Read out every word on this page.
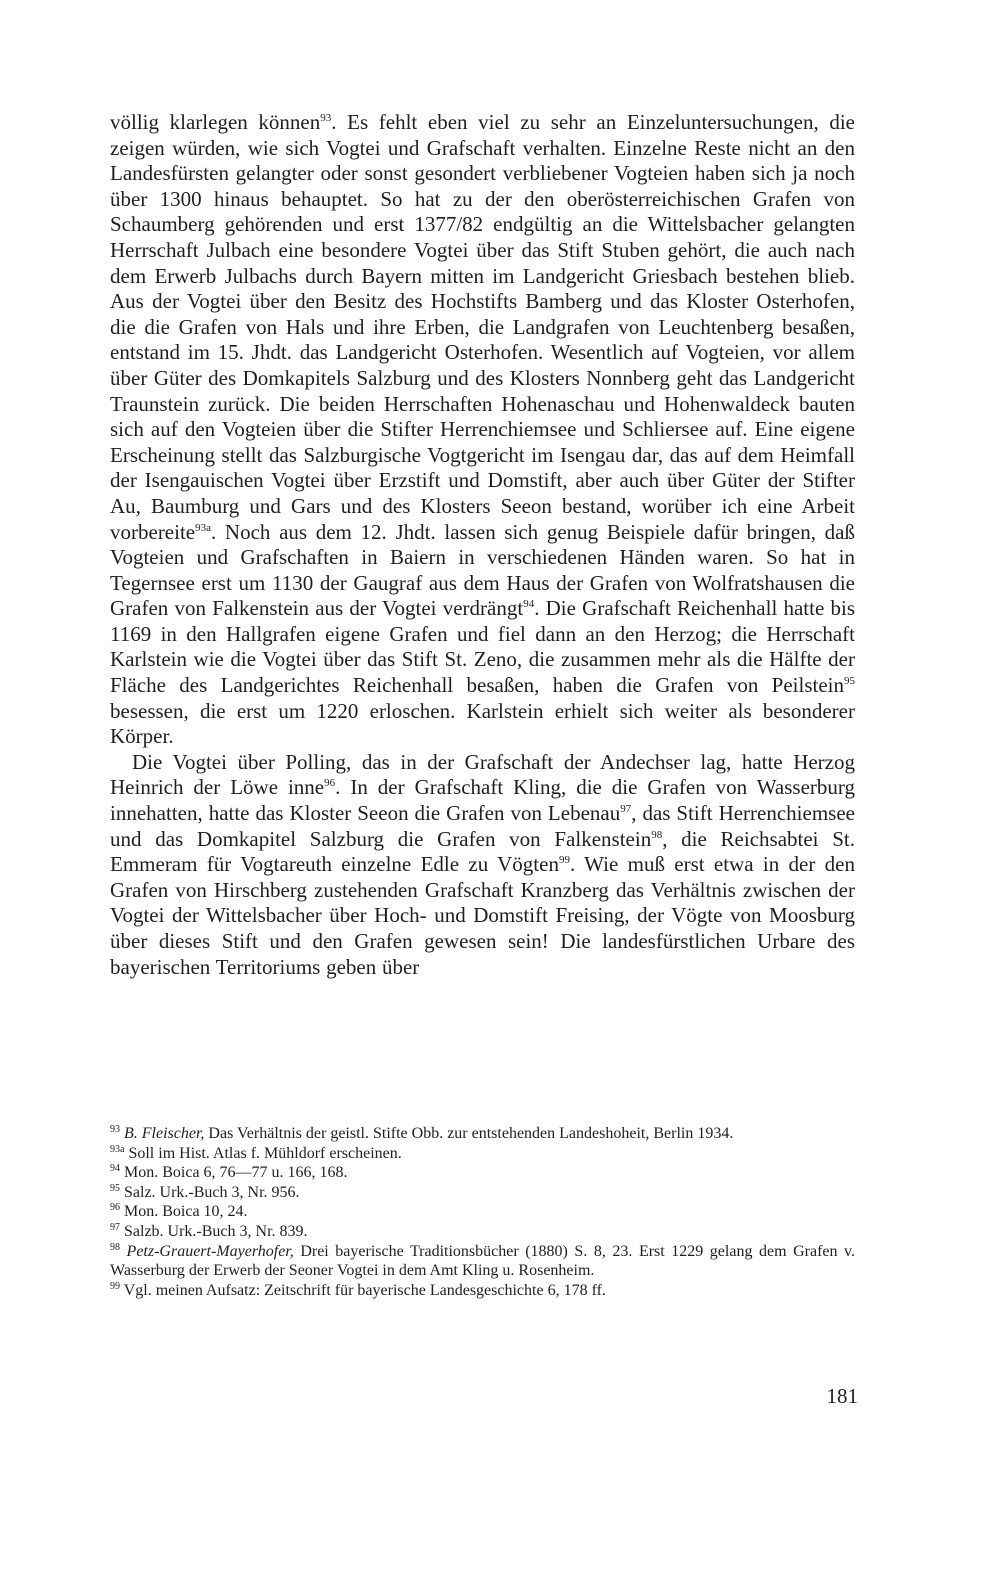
völlig klarlegen können$^{93}$. Es fehlt eben viel zu sehr an Einzeluntersuchungen, die zeigen würden, wie sich Vogtei und Grafschaft verhalten. Einzelne Reste nicht an den Landesfürsten gelangter oder sonst gesondert verbliebener Vogteien haben sich ja noch über 1300 hinaus behauptet. So hat zu der den oberösterreichischen Grafen von Schaumberg gehörenden und erst 1377/82 endgültig an die Wittelsbacher gelangten Herrschaft Julbach eine besondere Vogtei über das Stift Stuben gehört, die auch nach dem Erwerb Julbachs durch Bayern mitten im Landgericht Griesbach bestehen blieb. Aus der Vogtei über den Besitz des Hochstifts Bamberg und das Kloster Osterhofen, die die Grafen von Hals und ihre Erben, die Landgrafen von Leuchtenberg besaßen, entstand im 15. Jhdt. das Landgericht Osterhofen. Wesentlich auf Vogteien, vor allem über Güter des Domkapitels Salzburg und des Klosters Nonnberg geht das Landgericht Traunstein zurück. Die beiden Herrschaften Hohenaschau und Hohenwaldeck bauten sich auf den Vogteien über die Stifter Herrenchiemsee und Schliersee auf. Eine eigene Erscheinung stellt das Salzburgische Vogtgericht im Isengau dar, das auf dem Heimfall der Isengauischen Vogtei über Erzstift und Domstift, aber auch über Güter der Stifter Au, Baumburg und Gars und des Klosters Seeon bestand, worüber ich eine Arbeit vorbereite$^{93a}$. Noch aus dem 12. Jhdt. lassen sich genug Beispiele dafür bringen, daß Vogteien und Grafschaften in Baiern in verschiedenen Händen waren. So hat in Tegernsee erst um 1130 der Gaugraf aus dem Haus der Grafen von Wolfratshausen die Grafen von Falkenstein aus der Vogtei verdrängt$^{94}$. Die Grafschaft Reichenhall hatte bis 1169 in den Hallgrafen eigene Grafen und fiel dann an den Herzog; die Herrschaft Karlstein wie die Vogtei über das Stift St. Zeno, die zusammen mehr als die Hälfte der Fläche des Landgerichtes Reichenhall besaßen, haben die Grafen von Peilstein$^{95}$ besessen, die erst um 1220 erloschen. Karlstein erhielt sich weiter als besonderer Körper.

Die Vogtei über Polling, das in der Grafschaft der Andechser lag, hatte Herzog Heinrich der Löwe inne$^{96}$. In der Grafschaft Kling, die die Grafen von Wasserburg innehatten, hatte das Kloster Seeon die Grafen von Lebenau$^{97}$, das Stift Herrenchiemsee und das Domkapitel Salzburg die Grafen von Falkenstein$^{98}$, die Reichsabtei St. Emmeram für Vogtareuth einzelne Edle zu Vögten$^{99}$. Wie muß erst etwa in der den Grafen von Hirschberg zustehenden Grafschaft Kranzberg das Verhältnis zwischen der Vogtei der Wittelsbacher über Hoch- und Domstift Freising, der Vögte von Moosburg über dieses Stift und den Grafen gewesen sein! Die landesfürstlichen Urbare des bayerischen Territoriums geben über

$^{93}$ B. Fleischer, Das Verhältnis der geistl. Stifte Obb. zur entstehenden Landeshoheit, Berlin 1934.

$^{93a}$ Soll im Hist. Atlas f. Mühldorf erscheinen.

$^{94}$ Mon. Boica 6, 76—77 u. 166, 168.

$^{95}$ Salz. Urk.-Buch 3, Nr. 956.

$^{96}$ Mon. Boica 10, 24.

$^{97}$ Salzb. Urk.-Buch 3, Nr. 839.

$^{98}$ Petz-Grauert-Mayerhofer, Drei bayerische Traditionsbücher (1880) S. 8, 23. Erst 1229 gelang dem Grafen v. Wasserburg der Erwerb der Seoner Vogtei in dem Amt Kling u. Rosenheim.

$^{99}$ Vgl. meinen Aufsatz: Zeitschrift für bayerische Landesgeschichte 6, 178 ff.

181
